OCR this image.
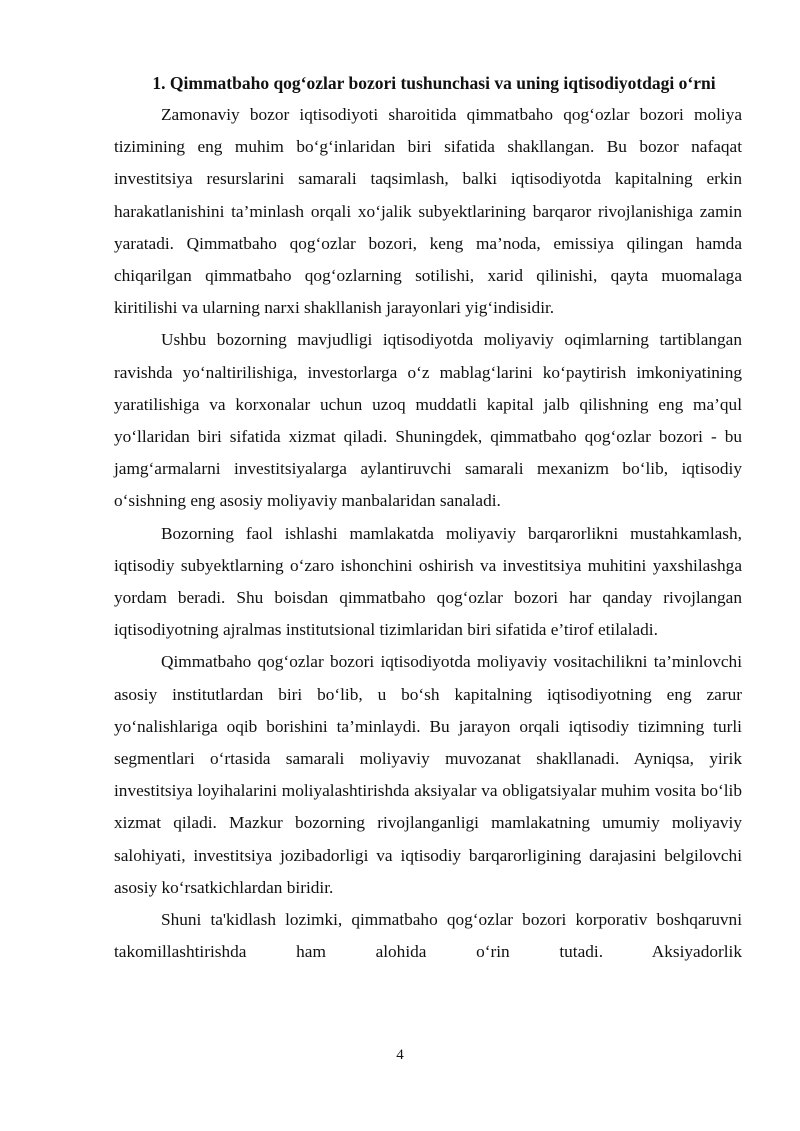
1. Qimmatbaho qog‘ozlar bozori tushunchasi va uning iqtisodiyotdagi o‘rni

Zamonaviy bozor iqtisodiyoti sharoitida qimmatbaho qog‘ozlar bozori moliya tizimining eng muhim bo‘g‘inlaridan biri sifatida shakllangan. Bu bozor nafaqat investitsiya resurslarini samarali taqsimlash, balki iqtisodiyotda kapitalning erkin harakatlanishini ta’minlash orqali xo‘jalik subyektlarining barqaror rivojlanishiga zamin yaratadi. Qimmatbaho qog‘ozlar bozori, keng ma’noda, emissiya qilingan hamda chiqarilgan qimmatbaho qog‘ozlarning sotilishi, xarid qilinishi, qayta muomalaga kiritilishi va ularning narxi shakllanish jarayonlari yig‘indisidir.

Ushbu bozorning mavjudligi iqtisodiyotda moliyaviy oqimlarning tartiblangan ravishda yo‘naltirilishiga, investorlarga o‘z mablag‘larini ko‘paytirish imkoniyatining yaratilishiga va korxonalar uchun uzoq muddatli kapital jalb qilishning eng ma’qul yo‘llaridan biri sifatida xizmat qiladi. Shuningdek, qimmatbaho qog‘ozlar bozori - bu jamg‘armalarni investitsiyalarga aylantiruvchi samarali mexanizm bo‘lib, iqtisodiy o‘sishning eng asosiy moliyaviy manbalaridan sanaladi.

Bozorning faol ishlashi mamlakatda moliyaviy barqarorlikni mustahkamlash, iqtisodiy subyektlarning o‘zaro ishonchini oshirish va investitsiya muhitini yaxshilashga yordam beradi. Shu boisdan qimmatbaho qog‘ozlar bozori har qanday rivojlangan iqtisodiyotning ajralmas institutsional tizimlaridan biri sifatida e’tirof etilaladi.

Qimmatbaho qog‘ozlar bozori iqtisodiyotda moliyaviy vositachilikni ta’minlovchi asosiy institutlardan biri bo‘lib, u bo‘sh kapitalning iqtisodiyotning eng zarur yo‘nalishlariga oqib borishini ta’minlaydi. Bu jarayon orqali iqtisodiy tizimning turli segmentlari o‘rtasida samarali moliyaviy muvozanat shakllanadi. Ayniqsa, yirik investitsiya loyihalarini moliyalashtirishda aksiyalar va obligatsiyalar muhim vosita bo‘lib xizmat qiladi. Mazkur bozorning rivojlanganligi mamlakatning umumiy moliyaviy salohiyati, investitsiya jozibadorligi va iqtisodiy barqarorligining darajasini belgilovchi asosiy ko‘rsatkichlardan biridir.

Shuni ta'kidlash lozimki, qimmatbaho qog‘ozlar bozori korporativ boshqaruvni takomillashtirishda ham alohida o‘rin tutadi. Aksiyadorlik

4
